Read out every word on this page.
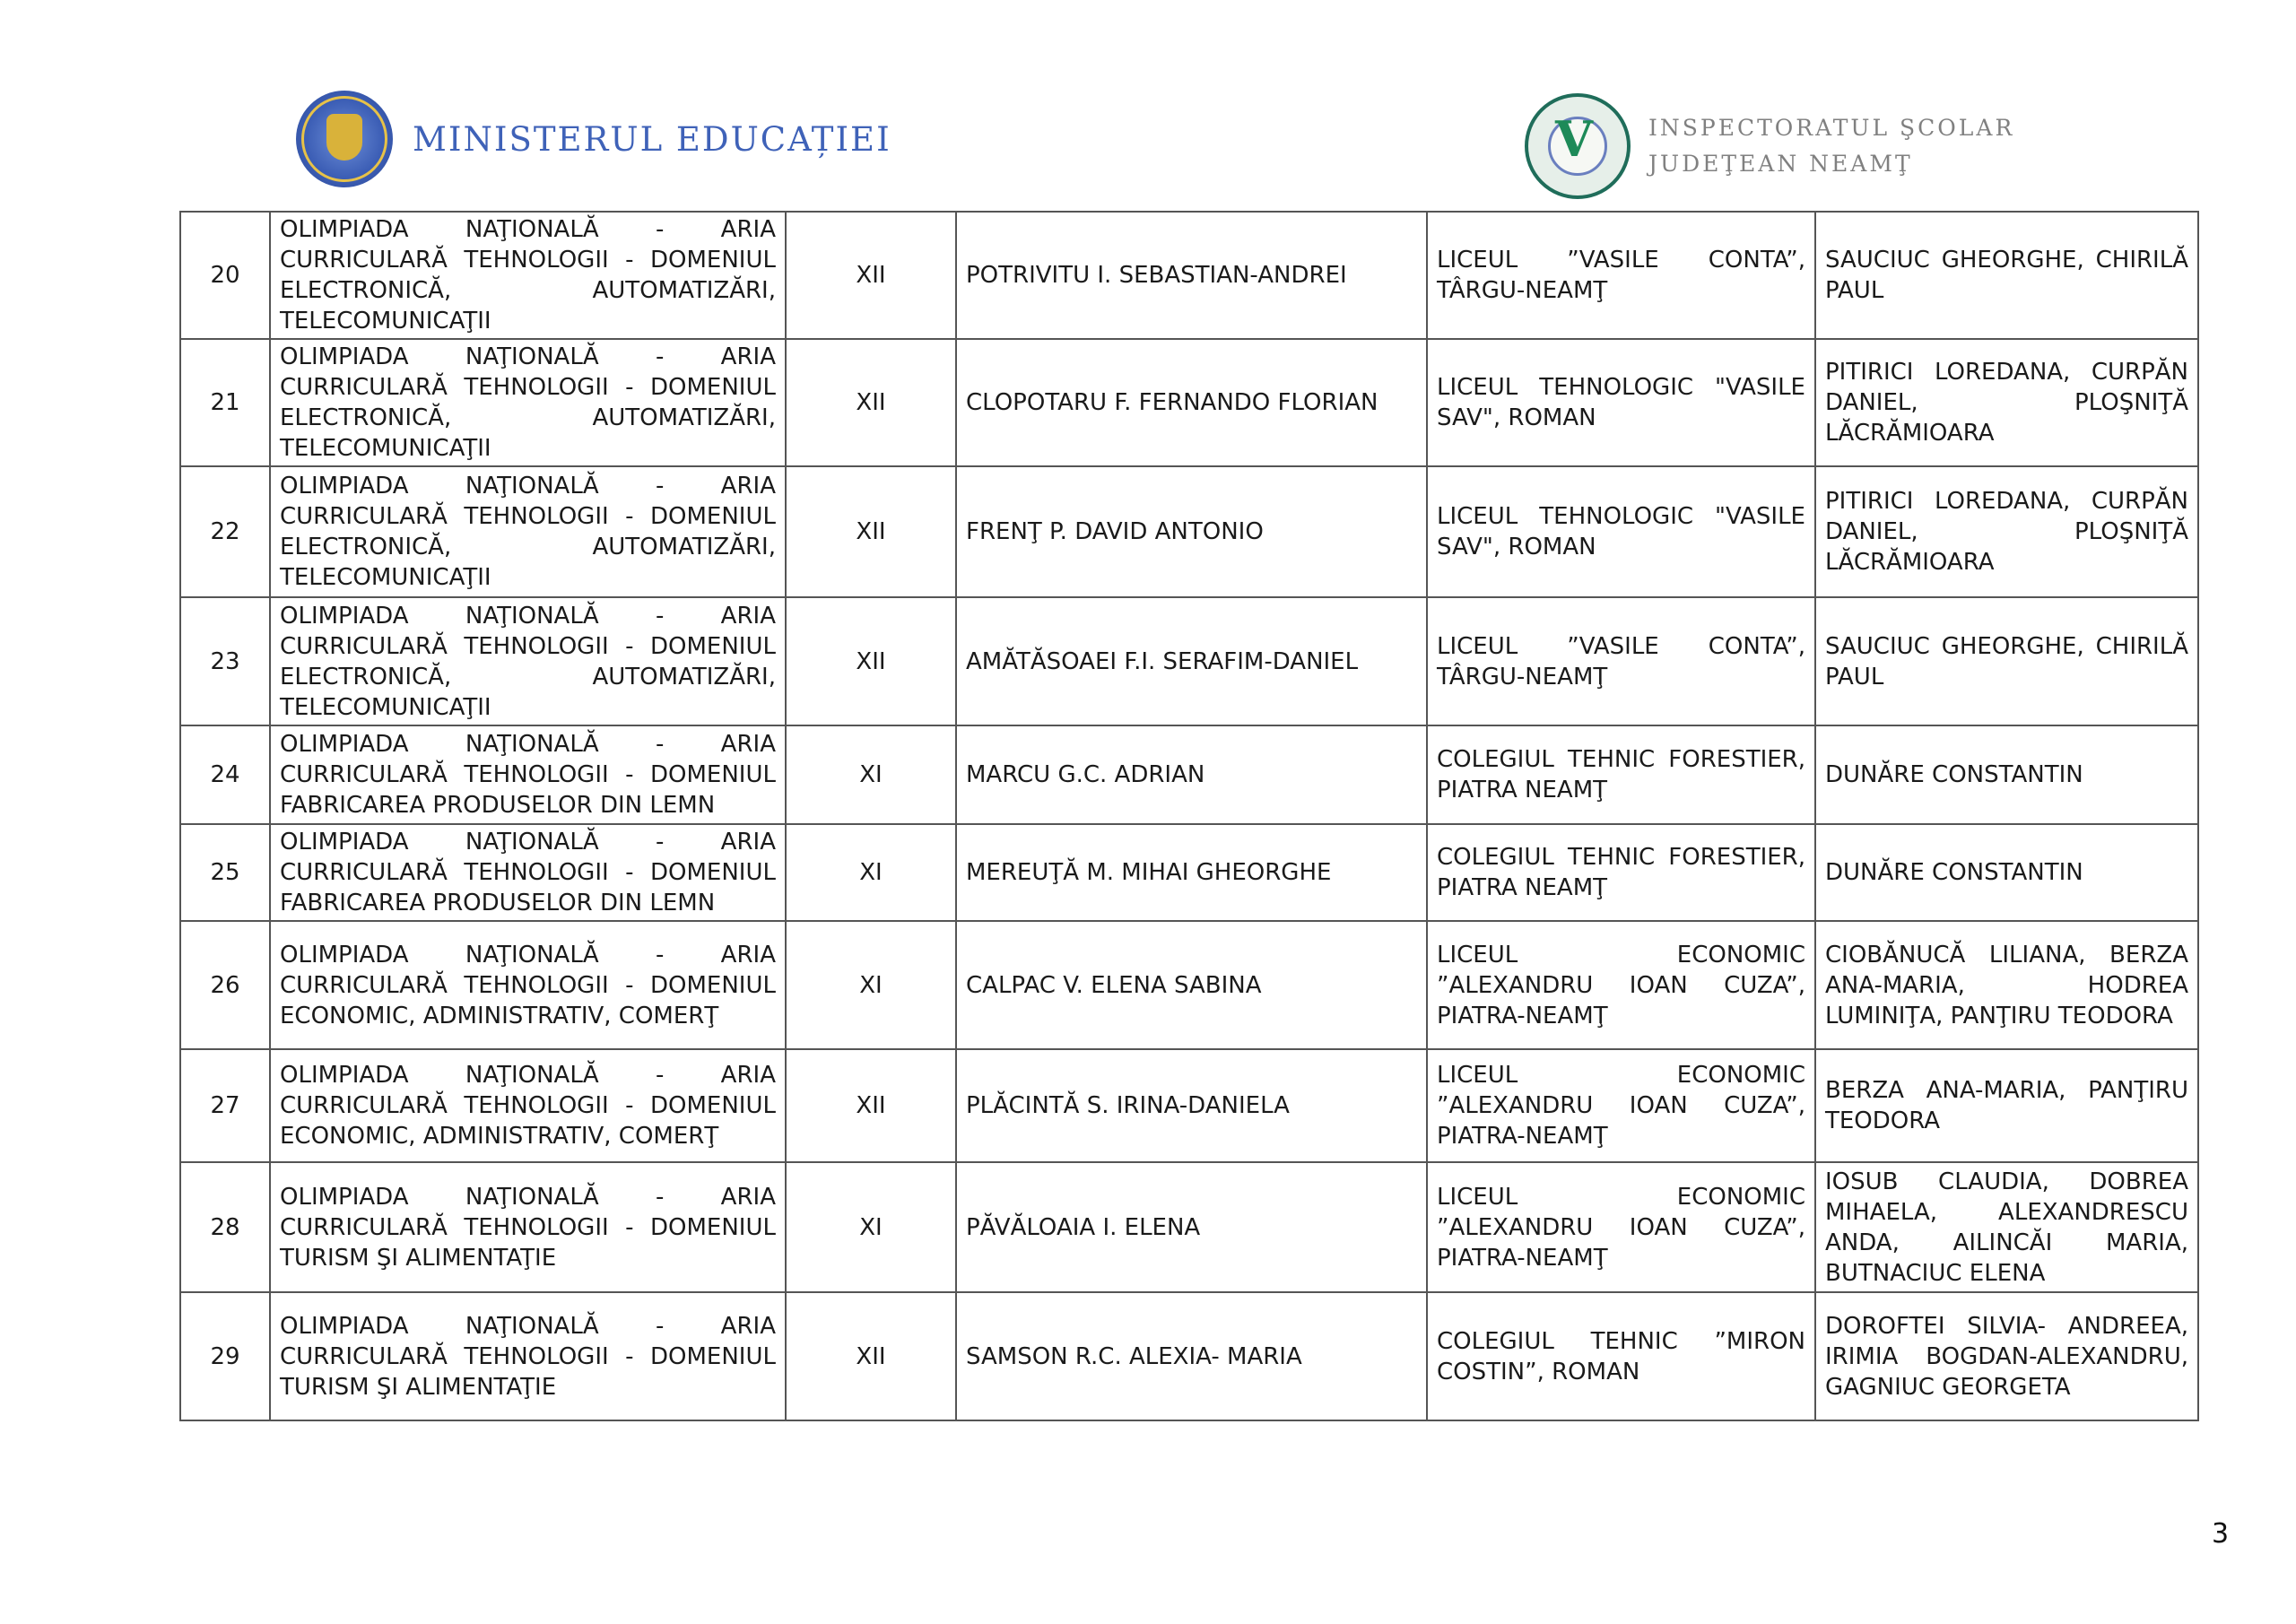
MINISTERUL EDUCAȚIEI	V INSPECTORATUL ŞCOLAR
JUDEŢEAN NEAMŢ
20	OLIMPIADA NAŢIONALĂ - ARIA CURRICULARĂ TEHNOLOGII - DOMENIUL ELECTRONICĂ, AUTOMATIZĂRI, TELECOMUNICAŢII	XII	POTRIVITU I. SEBASTIAN-ANDREI	LICEUL ”VASILE CONTA”, TÂRGU-NEAMŢ	SAUCIUC GHEORGHE, CHIRILĂ PAUL
21	OLIMPIADA NAŢIONALĂ - ARIA CURRICULARĂ TEHNOLOGII - DOMENIUL ELECTRONICĂ, AUTOMATIZĂRI, TELECOMUNICAŢII	XII	CLOPOTARU F. FERNANDO FLORIAN	LICEUL TEHNOLOGIC "VASILE SAV", ROMAN	PITIRICI LOREDANA, CURPĂN DANIEL, PLOŞNIŢĂ LĂCRĂMIOARA
22	OLIMPIADA NAŢIONALĂ - ARIA CURRICULARĂ TEHNOLOGII - DOMENIUL ELECTRONICĂ, AUTOMATIZĂRI, TELECOMUNICAŢII	XII	FRENŢ P. DAVID ANTONIO	LICEUL TEHNOLOGIC "VASILE SAV", ROMAN	PITIRICI LOREDANA, CURPĂN DANIEL, PLOŞNIŢĂ LĂCRĂMIOARA
23	OLIMPIADA NAŢIONALĂ - ARIA CURRICULARĂ TEHNOLOGII - DOMENIUL ELECTRONICĂ, AUTOMATIZĂRI, TELECOMUNICAŢII	XII	AMĂTĂSOAEI F.I. SERAFIM-DANIEL	LICEUL ”VASILE CONTA”, TÂRGU-NEAMŢ	SAUCIUC GHEORGHE, CHIRILĂ PAUL
24	OLIMPIADA NAŢIONALĂ - ARIA CURRICULARĂ TEHNOLOGII - DOMENIUL FABRICAREA PRODUSELOR DIN LEMN	XI	MARCU G.C. ADRIAN	COLEGIUL TEHNIC FORESTIER, PIATRA NEAMŢ	DUNĂRE CONSTANTIN
25	OLIMPIADA NAŢIONALĂ - ARIA CURRICULARĂ TEHNOLOGII - DOMENIUL FABRICAREA PRODUSELOR DIN LEMN	XI	MEREUŢĂ M. MIHAI GHEORGHE	COLEGIUL TEHNIC FORESTIER, PIATRA NEAMŢ	DUNĂRE CONSTANTIN
26	OLIMPIADA NAŢIONALĂ - ARIA CURRICULARĂ TEHNOLOGII - DOMENIUL ECONOMIC, ADMINISTRATIV, COMERŢ	XI	CALPAC V. ELENA SABINA	LICEUL ECONOMIC ”ALEXANDRU IOAN CUZA”, PIATRA-NEAMŢ	CIOBĂNUCĂ LILIANA, BERZA ANA-MARIA, HODREA LUMINIŢA, PANŢIRU TEODORA
27	OLIMPIADA NAŢIONALĂ - ARIA CURRICULARĂ TEHNOLOGII - DOMENIUL ECONOMIC, ADMINISTRATIV, COMERŢ	XII	PLĂCINTĂ S. IRINA-DANIELA	LICEUL ECONOMIC ”ALEXANDRU IOAN CUZA”, PIATRA-NEAMŢ	BERZA ANA-MARIA, PANŢIRU TEODORA
28	OLIMPIADA NAŢIONALĂ - ARIA CURRICULARĂ TEHNOLOGII - DOMENIUL TURISM ŞI ALIMENTAŢIE	XI	PĂVĂLOAIA I. ELENA	LICEUL ECONOMIC ”ALEXANDRU IOAN CUZA”, PIATRA-NEAMŢ	IOSUB CLAUDIA, DOBREA MIHAELA, ALEXANDRESCU ANDA, AILINCĂI MARIA, BUTNACIUC ELENA
29	OLIMPIADA NAŢIONALĂ - ARIA CURRICULARĂ TEHNOLOGII - DOMENIUL TURISM ŞI ALIMENTAŢIE	XII	SAMSON R.C. ALEXIA- MARIA	COLEGIUL TEHNIC ”MIRON COSTIN”, ROMAN	DOROFTEI SILVIA- ANDREEA, IRIMIA BOGDAN-ALEXANDRU, GAGNIUC GEORGETA
3
